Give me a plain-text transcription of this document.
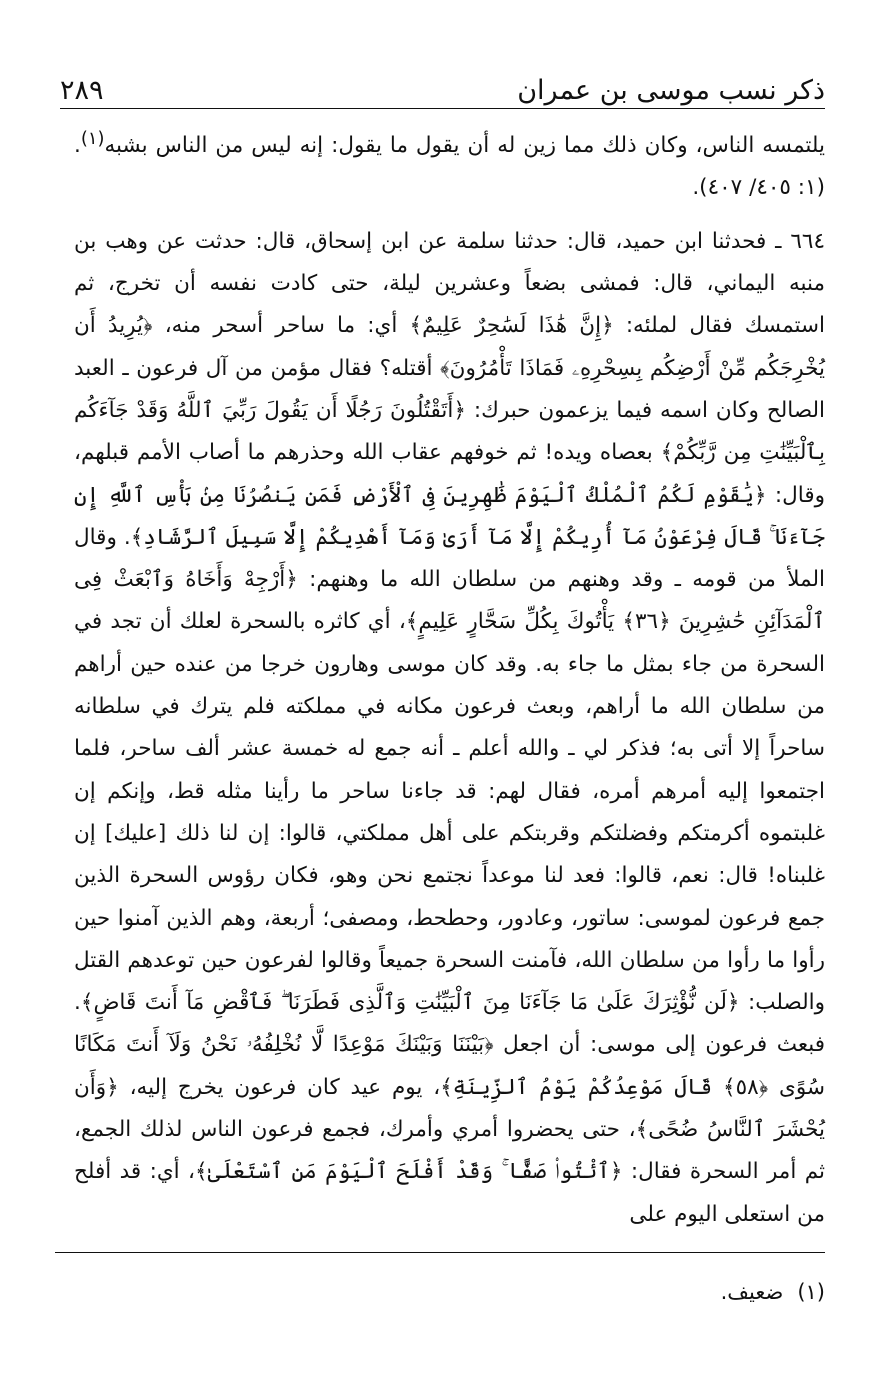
ذكر نسب موسى بن عمران
٢٨٩

يلتمسه الناس، وكان ذلك مما زين له أن يقول ما يقول: إنه ليس من الناس بشبه$^{(١)}$. (١: ٤٠٥/ ٤٠٧).

٦٦٤ ـ فحدثنا ابن حميد، قال: حدثنا سلمة عن ابن إسحاق، قال: حدثت عن وهب بن منبه اليماني، قال: فمشى بضعاً وعشرين ليلة، حتى كادت نفسه أن تخرج، ثم استمسك فقال لملئه: ﴿إِنَّ هَٰذَا لَسَٰحِرٌ عَلِيمٌ﴾ أي: ما ساحر أسحر منه، ﴿يُرِيدُ أَن يُخْرِجَكُم مِّنْ أَرْضِكُم بِسِحْرِهِۦ فَمَاذَا تَأْمُرُونَ﴾ أقتله؟ فقال مؤمن من آل فرعون ـ العبد الصالح وكان اسمه فيما يزعمون حبرك: ﴿أَتَقْتُلُونَ رَجُلًا أَن يَقُولَ رَبِّيَ ٱللَّهُ وَقَدْ جَآءَكُم بِٱلْبَيِّنَٰتِ مِن رَّبِّكُمْ﴾ بعصاه ويده! ثم خوفهم عقاب الله وحذرهم ما أصاب الأمم قبلهم، وقال: ﴿يَٰقَوْمِ لَكُمُ ٱلْمُلْكُ ٱلْيَوْمَ ظَٰهِرِينَ فِى ٱلْأَرْضِ فَمَن يَنصُرُنَا مِنۢ بَأْسِ ٱللَّهِ إِن جَآءَنَا ۚ قَالَ فِرْعَوْنُ مَآ أُرِيكُمْ إِلَّا مَآ أَرَىٰ وَمَآ أَهْدِيكُمْ إِلَّا سَبِيلَ ٱلرَّشَادِ﴾. وقال الملأ من قومه ـ وقد وهنهم من سلطان الله ما وهنهم: ﴿أَرْجِهْ وَأَخَاهُ وَٱبْعَثْ فِى ٱلْمَدَآئِنِ حَٰشِرِينَ ﴿٣٦﴾ يَأْتُوكَ بِكُلِّ سَحَّارٍ عَلِيمٍ﴾، أي كاثره بالسحرة لعلك أن تجد في السحرة من جاء بمثل ما جاء به. وقد كان موسى وهارون خرجا من عنده حين أراهم من سلطان الله ما أراهم، وبعث فرعون مكانه في مملكته فلم يترك في سلطانه ساحراً إلا أتى به؛ فذكر لي ـ والله أعلم ـ أنه جمع له خمسة عشر ألف ساحر، فلما اجتمعوا إليه أمرهم أمره، فقال لهم: قد جاءنا ساحر ما رأينا مثله قط، وإنكم إن غلبتموه أكرمتكم وفضلتكم وقربتكم على أهل مملكتي، قالوا: إن لنا ذلك [عليك] إن غلبناه! قال: نعم، قالوا: فعد لنا موعداً نجتمع نحن وهو، فكان رؤوس السحرة الذين جمع فرعون لموسى: ساتور، وعادور، وحطحط، ومصفى؛ أربعة، وهم الذين آمنوا حين رأوا ما رأوا من سلطان الله، فآمنت السحرة جميعاً وقالوا لفرعون حين توعدهم القتل والصلب: ﴿لَن نُّؤْثِرَكَ عَلَىٰ مَا جَآءَنَا مِنَ ٱلْبَيِّنَٰتِ وَٱلَّذِى فَطَرَنَا ۖ فَٱقْضِ مَآ أَنتَ قَاضٍ﴾. فبعث فرعون إلى موسى: أن اجعل ﴿بَيْنَنَا وَبَيْنَكَ مَوْعِدًا لَّا نُخْلِفُهُۥ نَحْنُ وَلَآ أَنتَ مَكَانًا سُوًى ﴿٥٨﴾ قَالَ مَوْعِدُكُمْ يَوْمُ ٱلزِّينَةِ﴾، يوم عيد كان فرعون يخرج إليه، ﴿وَأَن يُحْشَرَ ٱلنَّاسُ ضُحًى﴾، حتى يحضروا أمري وأمرك، فجمع فرعون الناس لذلك الجمع، ثم أمر السحرة فقال: ﴿ٱئْتُوا۟ صَفًّا ۚ وَقَدْ أَفْلَحَ ٱلْيَوْمَ مَنِ ٱسْتَعْلَىٰ﴾، أي: قد أفلح من استعلى اليوم على

(١)ضعيف.
